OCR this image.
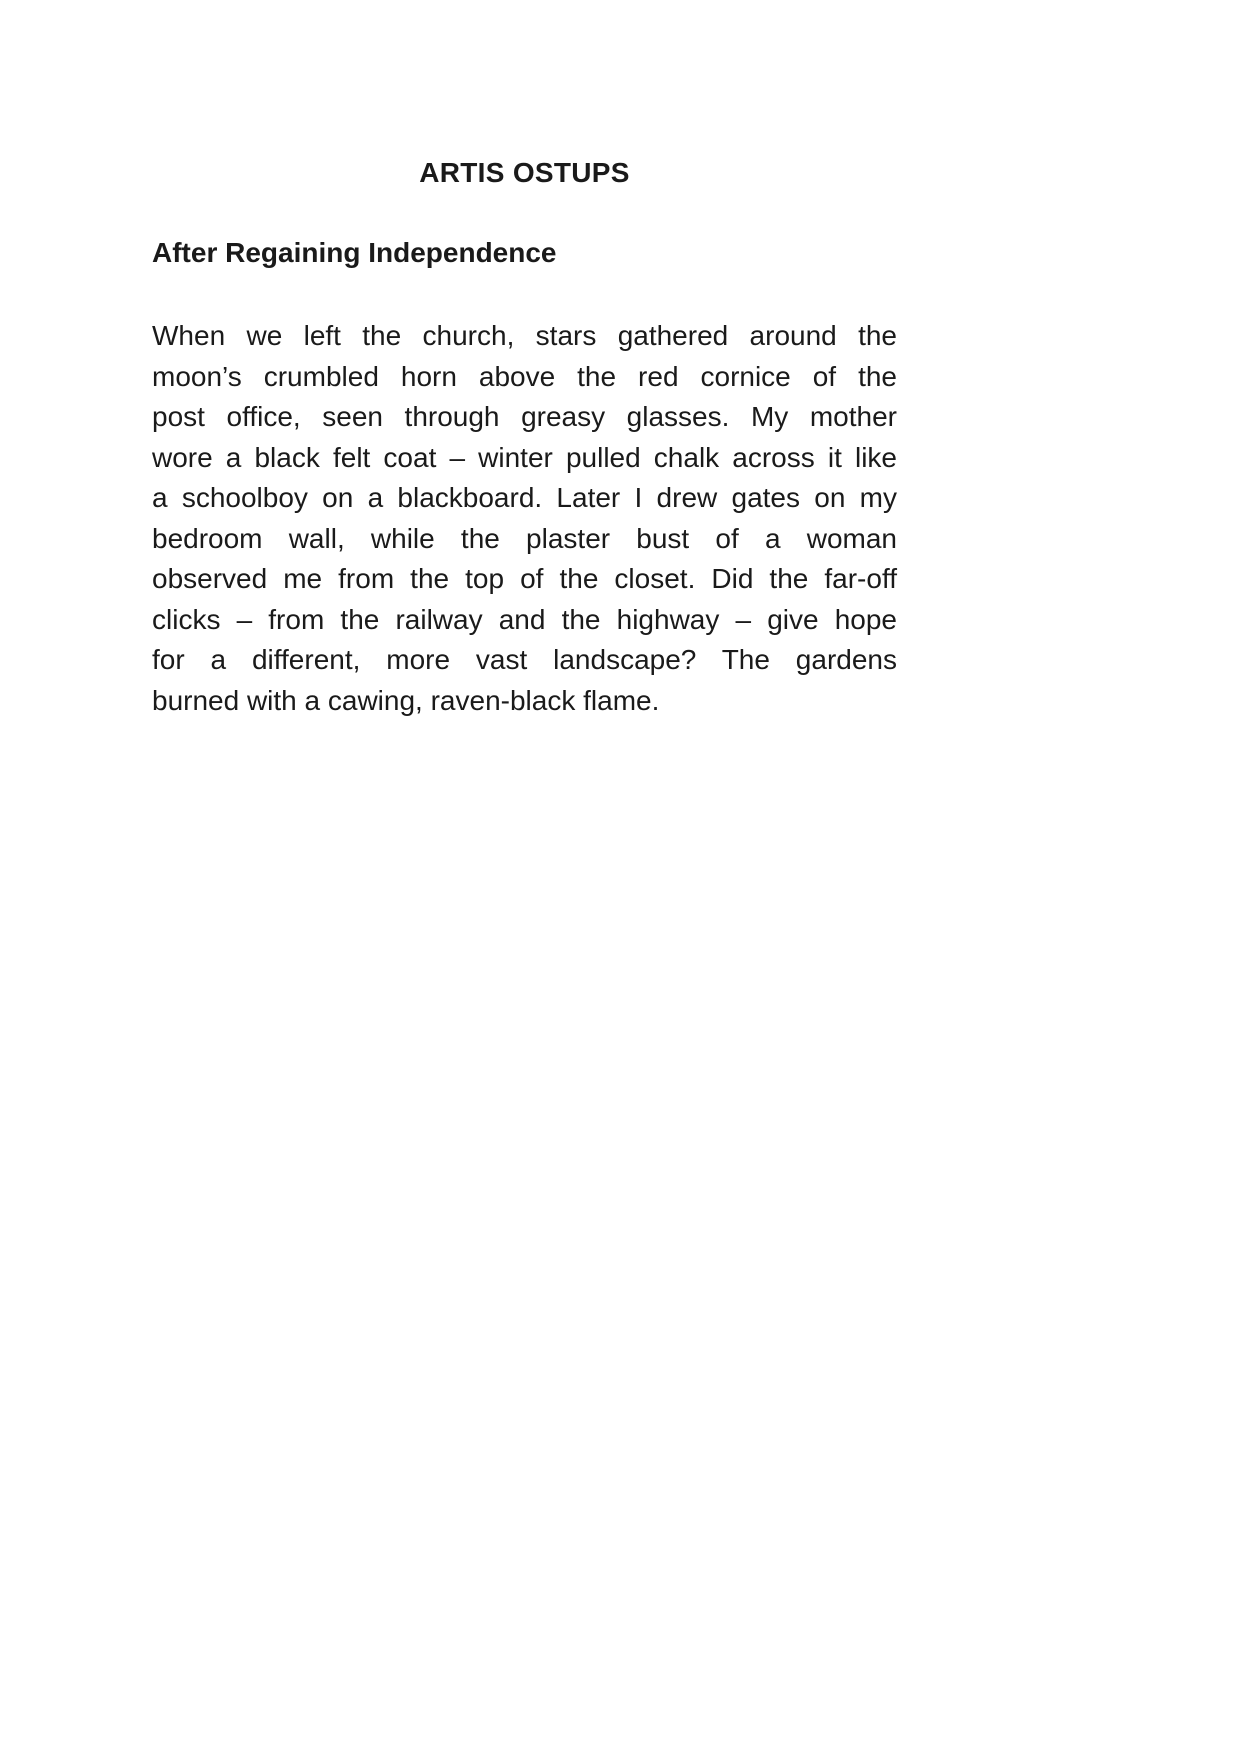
ARTIS OSTUPS
After Regaining Independence
When we left the church, stars gathered around the
moon’s crumbled horn above the red cornice of the
post office, seen through greasy glasses. My mother
wore a black felt coat – winter pulled chalk across it like
a schoolboy on a blackboard. Later I drew gates on my
bedroom wall, while the plaster bust of a woman
observed me from the top of the closet. Did the far-off
clicks – from the railway and the highway – give hope
for a different, more vast landscape? The gardens
burned with a cawing, raven-black flame.
